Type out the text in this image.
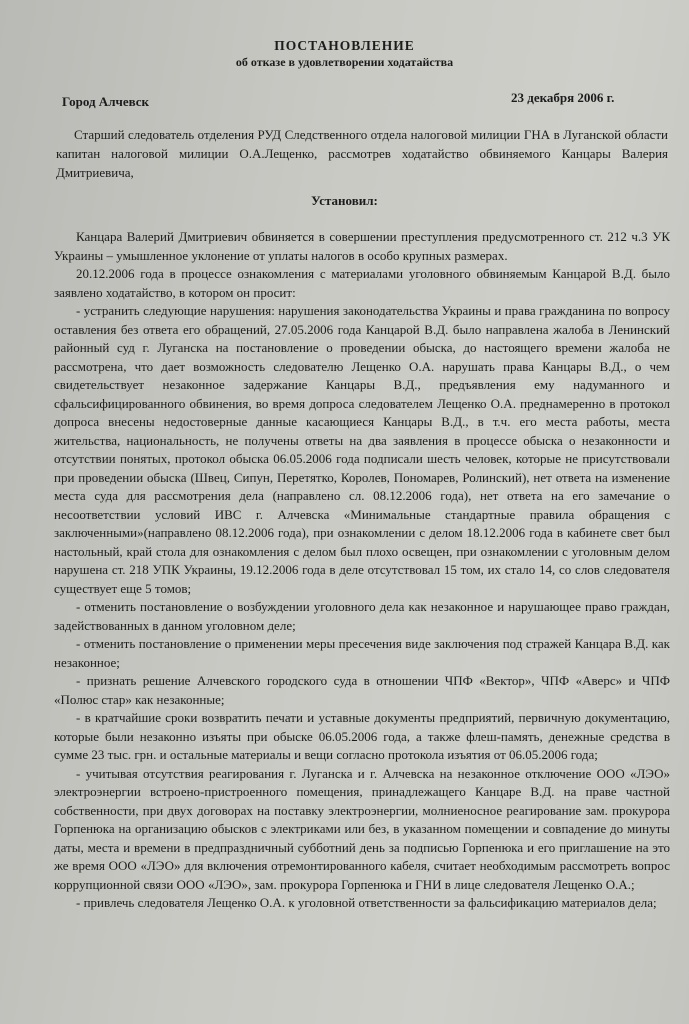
ПОСТАНОВЛЕНИЕ
об отказе в удовлетворении ходатайства
Город Алчевск	23 декабря 2006 г.
Старший следователь отделения РУД Следственного отдела налоговой милиции ГНА в Луганской области капитан налоговой милиции О.А.Лещенко, рассмотрев ходатайство обвиняемого Канцары Валерия Дмитриевича,
Установил:

Канцара Валерий Дмитриевич обвиняется в совершении преступления предусмотренного ст. 212 ч.3 УК Украины – умышленное уклонение от уплаты налогов в особо крупных размерах.

20.12.2006 года в процессе ознакомления с материалами уголовного обвиняемым Канцарой В.Д. было заявлено ходатайство, в котором он просит:

- устранить следующие нарушения: нарушения законодательства Украины и права гражданина по вопросу оставления без ответа его обращений, 27.05.2006 года Канцарой В.Д. было направлена жалоба в Ленинский районный суд г. Луганска на постановление о проведении обыска, до настоящего времени жалоба не рассмотрена, что дает возможность следователю Лещенко О.А. нарушать права Канцары В.Д., о чем свидетельствует незаконное задержание Канцары В.Д., предъявления ему надуманного и сфальсифицированного обвинения, во время допроса следователем Лещенко О.А. преднамеренно в протокол допроса внесены недостоверные данные касающиеся Канцары В.Д., в т.ч. его места работы, места жительства, национальность, не получены ответы на два заявления в процессе обыска о незаконности и отсутствии понятых, протокол обыска 06.05.2006 года подписали шесть человек, которые не присутствовали при проведении обыска (Швец, Сипун, Перетятко, Королев, Пономарев, Ролинский), нет ответа на изменение места суда для рассмотрения дела (направлено сл. 08.12.2006 года), нет ответа на его замечание о несоответствии условий ИВС г. Алчевска «Минимальные стандартные правила обращения с заключенными»(направлено 08.12.2006 года), при ознакомлении с делом 18.12.2006 года в кабинете свет был настольный, край стола для ознакомления с делом был плохо освещен, при ознакомлении с уголовным делом нарушена ст. 218 УПК Украины, 19.12.2006 года в деле отсутствовал 15 том, их стало 14, со слов следователя существует еще 5 томов;

- отменить постановление о возбуждении уголовного дела как незаконное и нарушающее право граждан, задействованных в данном уголовном деле;

- отменить постановление о применении меры пресечения виде заключения под стражей Канцара В.Д. как незаконное;

- признать решение Алчевского городского суда в отношении ЧПФ «Вектор», ЧПФ «Аверс» и ЧПФ «Полюс стар» как незаконные;

- в кратчайшие сроки возвратить печати и уставные документы предприятий, первичную документацию, которые были незаконно изъяты при обыске 06.05.2006 года, а также флеш-память, денежные средства в сумме 23 тыс. грн. и остальные материалы и вещи согласно протокола изъятия от 06.05.2006 года;

- учитывая отсутствия реагирования г. Луганска и г. Алчевска на незаконное отключение ООО «ЛЭО» электроэнергии встроено-пристроенного помещения, принадлежащего Канцаре В.Д. на праве частной собственности, при двух договорах на поставку электроэнергии, молниеносное реагирование зам. прокурора Горпенюка на организацию обысков с электриками или без, в указанном помещении и совпадение до минуты даты, места и времени в предпраздничный субботний день за подписью Горпенюка и его приглашение на это же время ООО «ЛЭО» для включения отремонтированного кабеля, считает необходимым рассмотреть вопрос коррупционной связи ООО «ЛЭО», зам. прокурора Горпенюка и ГНИ в лице следователя Лещенко О.А.;

- привлечь следователя Лещенко О.А. к уголовной ответственности за фальсификацию материалов дела;
